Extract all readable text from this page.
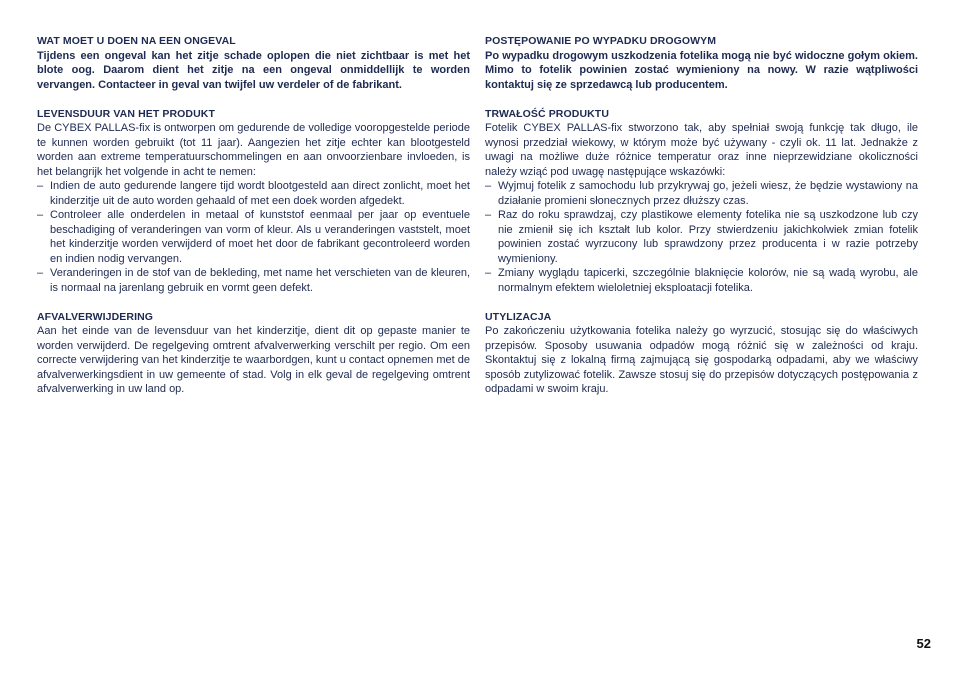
WAT MOET U DOEN NA EEN ONGEVAL

Tijdens een ongeval kan het zitje schade oplopen die niet zichtbaar is met het blote oog. Daarom dient het zitje na een ongeval onmiddellijk te worden vervangen. Contacteer in geval van twijfel uw verdeler of de fabrikant.

LEVENSDUUR VAN HET PRODUKT

De CYBEX PALLAS-fix is ontworpen om gedurende de volledige vooropgestelde periode te kunnen worden gebruikt (tot 11 jaar). Aangezien het zitje echter kan blootgesteld worden aan extreme temperatuurschommelingen en aan onvoorzienbare invloeden, is het belangrijk het volgende in acht te nemen:

– Indien de auto gedurende langere tijd wordt blootgesteld aan direct zonlicht, moet het kinderzitje uit de auto worden gehaald of met een doek worden afgedekt.
– Controleer alle onderdelen in metaal of kunststof eenmaal per jaar op eventuele beschadiging of veranderingen van vorm of kleur. Als u veranderingen vaststelt, moet het kinderzitje worden verwijderd of moet het door de fabrikant gecontroleerd worden en indien nodig vervangen.
– Veranderingen in de stof van de bekleding, met name het verschieten van de kleuren, is normaal na jarenlang gebruik en vormt geen defekt.

AFVALVERWIJDERING

Aan het einde van de levensduur van het kinderzitje, dient dit op gepaste manier te worden verwijderd. De regelgeving omtrent afvalverwerking verschilt per regio. Om een correcte verwijdering van het kinderzitje te waarbordgen, kunt u contact opnemen met de afvalverwerkingsdient in uw gemeente of stad. Volg in elk geval de regelgeving omtrent afvalverwerking in uw land op.

POSTĘPOWANIE PO WYPADKU DROGOWYM

Po wypadku drogowym uszkodzenia fotelika mogą nie być widoczne gołym okiem. Mimo to fotelik powinien zostać wymieniony na nowy. W razie wątpliwości kontaktuj się ze sprzedawcą lub producentem.

TRWAŁOŚĆ PRODUKTU

Fotelik CYBEX PALLAS-fix stworzono tak, aby spełniał swoją funkcję tak długo, ile wynosi przedział wiekowy, w którym może być używany - czyli ok. 11 lat. Jednakże z uwagi na możliwe duże różnice temperatur oraz inne nieprzewidziane okoliczności należy wziąć pod uwagę następujące wskazówki:

– Wyjmuj fotelik z samochodu lub przykrywaj go, jeżeli wiesz, że będzie wystawiony na działanie promieni słonecznych przez dłuższy czas.
– Raz do roku sprawdzaj, czy plastikowe elementy fotelika nie są uszkodzone lub czy nie zmienił się ich kształt lub kolor. Przy stwierdzeniu jakichkolwiek zmian fotelik powinien zostać wyrzucony lub sprawdzony przez producenta i w razie potrzeby wymieniony.
– Zmiany wyglądu tapicerki, szczególnie blaknięcie kolorów, nie są wadą wyrobu, ale normalnym efektem wieloletniej eksploatacji fotelika.

UTYLIZACJA

Po zakończeniu użytkowania fotelika należy go wyrzucić, stosując się do właściwych przepisów. Sposoby usuwania odpadów mogą różnić się w zależności od kraju. Skontaktuj się z lokalną firmą zajmującą się gospodarką odpadami, aby we właściwy sposób zutylizować fotelik. Zawsze stosuj się do przepisów dotyczących postępowania z odpadami w swoim kraju.

52
